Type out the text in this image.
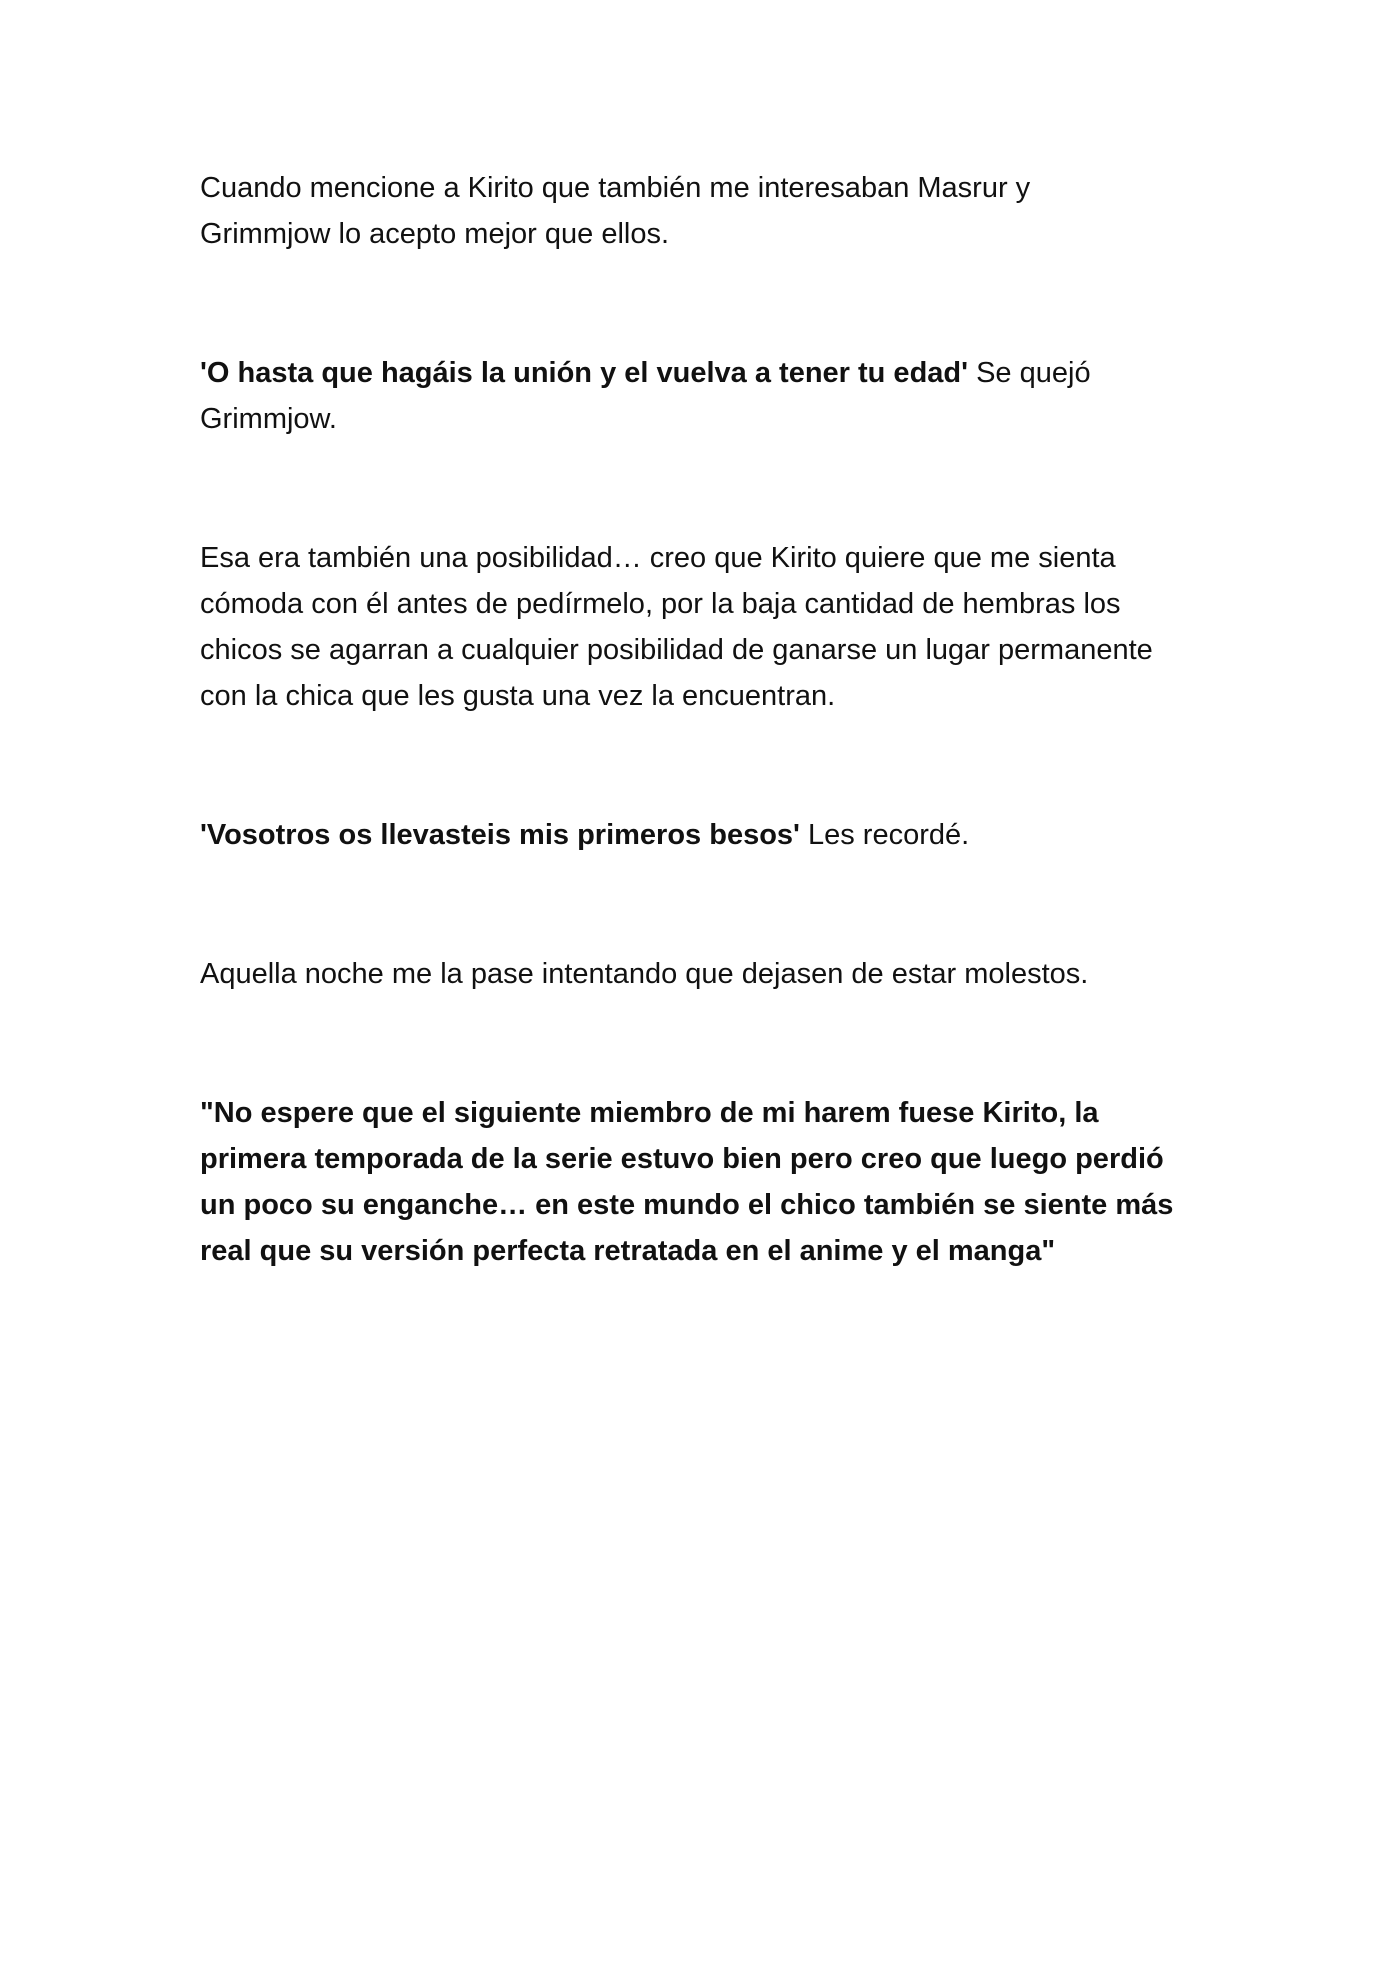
Cuando mencione a Kirito que también me interesaban Masrur y
Grimmjow lo acepto mejor que ellos.

'O hasta que hagáis la unión y el vuelva a tener tu edad' Se quejó
Grimmjow.

Esa era también una posibilidad… creo que Kirito quiere que me sienta
cómoda con él antes de pedírmelo, por la baja cantidad de hembras los
chicos se agarran a cualquier posibilidad de ganarse un lugar permanente
con la chica que les gusta una vez la encuentran.

'Vosotros os llevasteis mis primeros besos' Les recordé.

Aquella noche me la pase intentando que dejasen de estar molestos.

"No espere que el siguiente miembro de mi harem fuese Kirito, la
primera temporada de la serie estuvo bien pero creo que luego perdió
un poco su enganche… en este mundo el chico también se siente más
real que su versión perfecta retratada en el anime y el manga"
